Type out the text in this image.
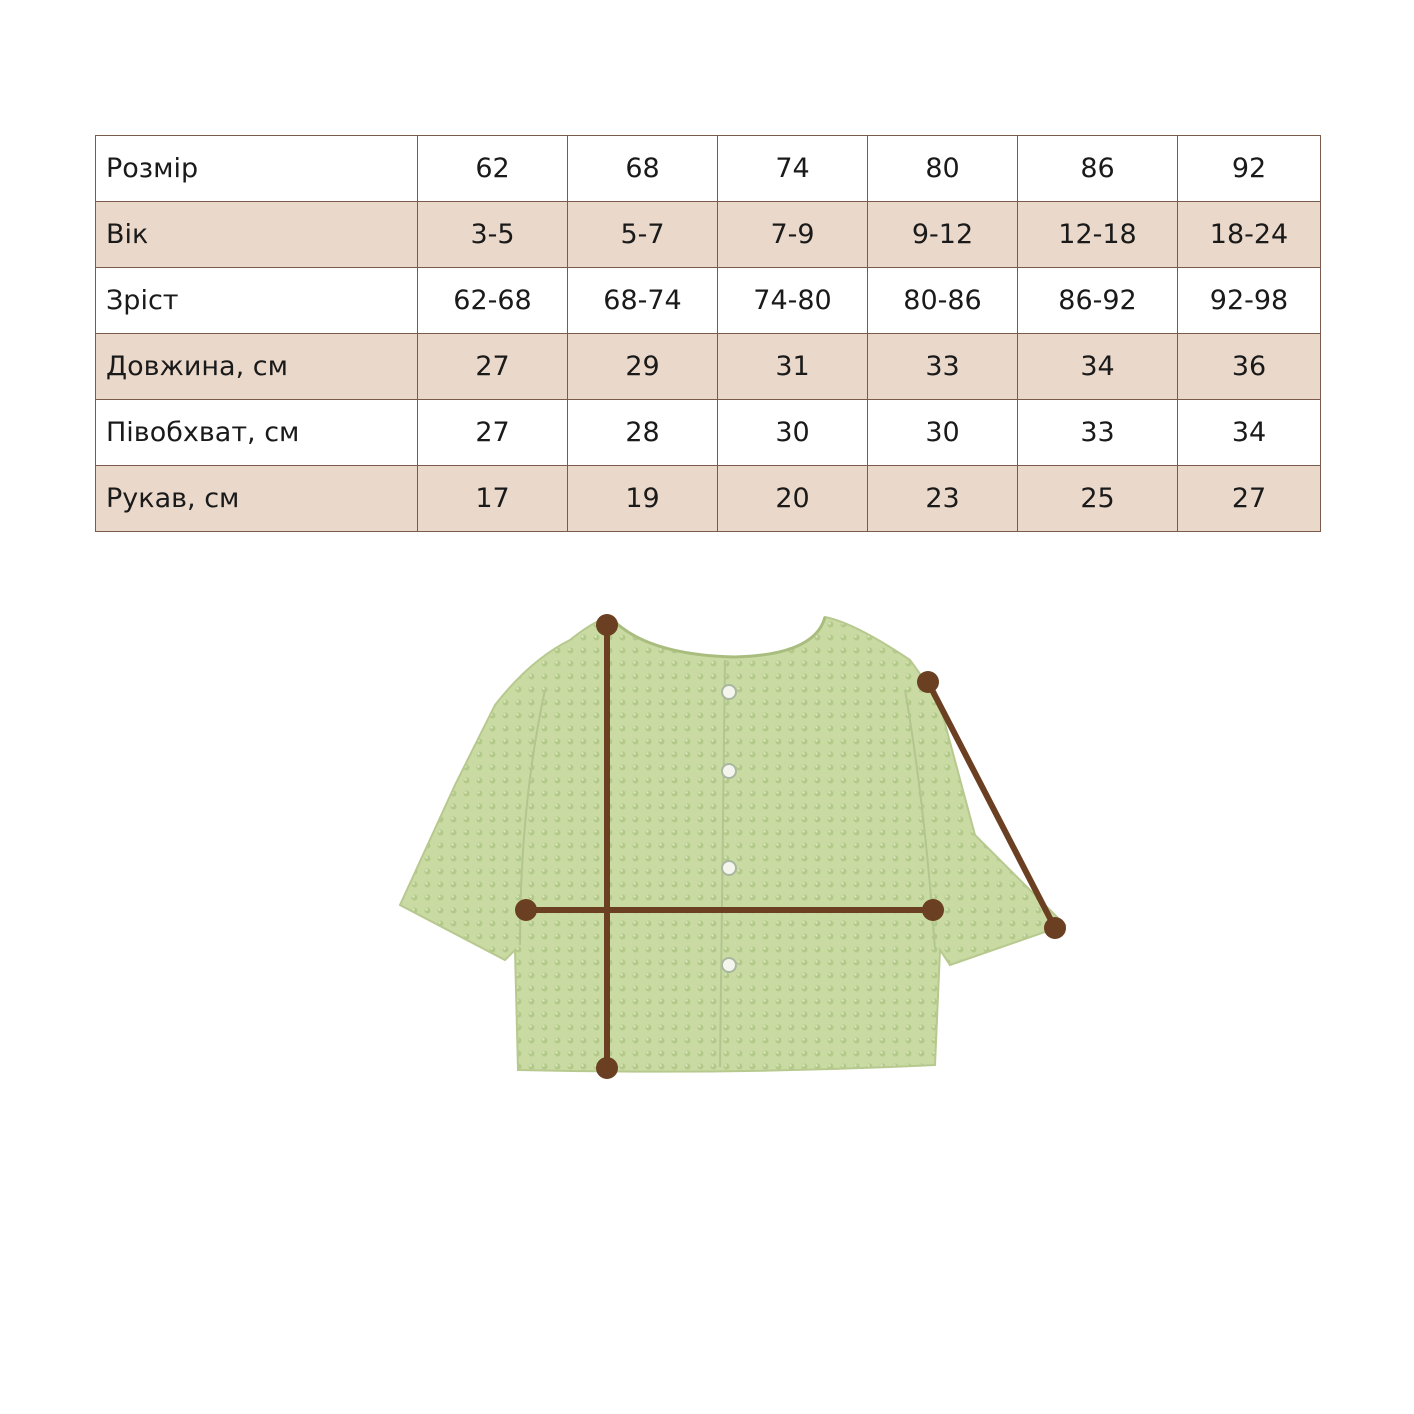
Розмір	62	68	74	80	86	92
Вік	3-5	5-7	7-9	9-12	12-18	18-24
Зріст	62-68	68-74	74-80	80-86	86-92	92-98
Довжина, см	27	29	31	33	34	36
Півобхват, см	27	28	30	30	33	34
Рукав, см	17	19	20	23	25	27
